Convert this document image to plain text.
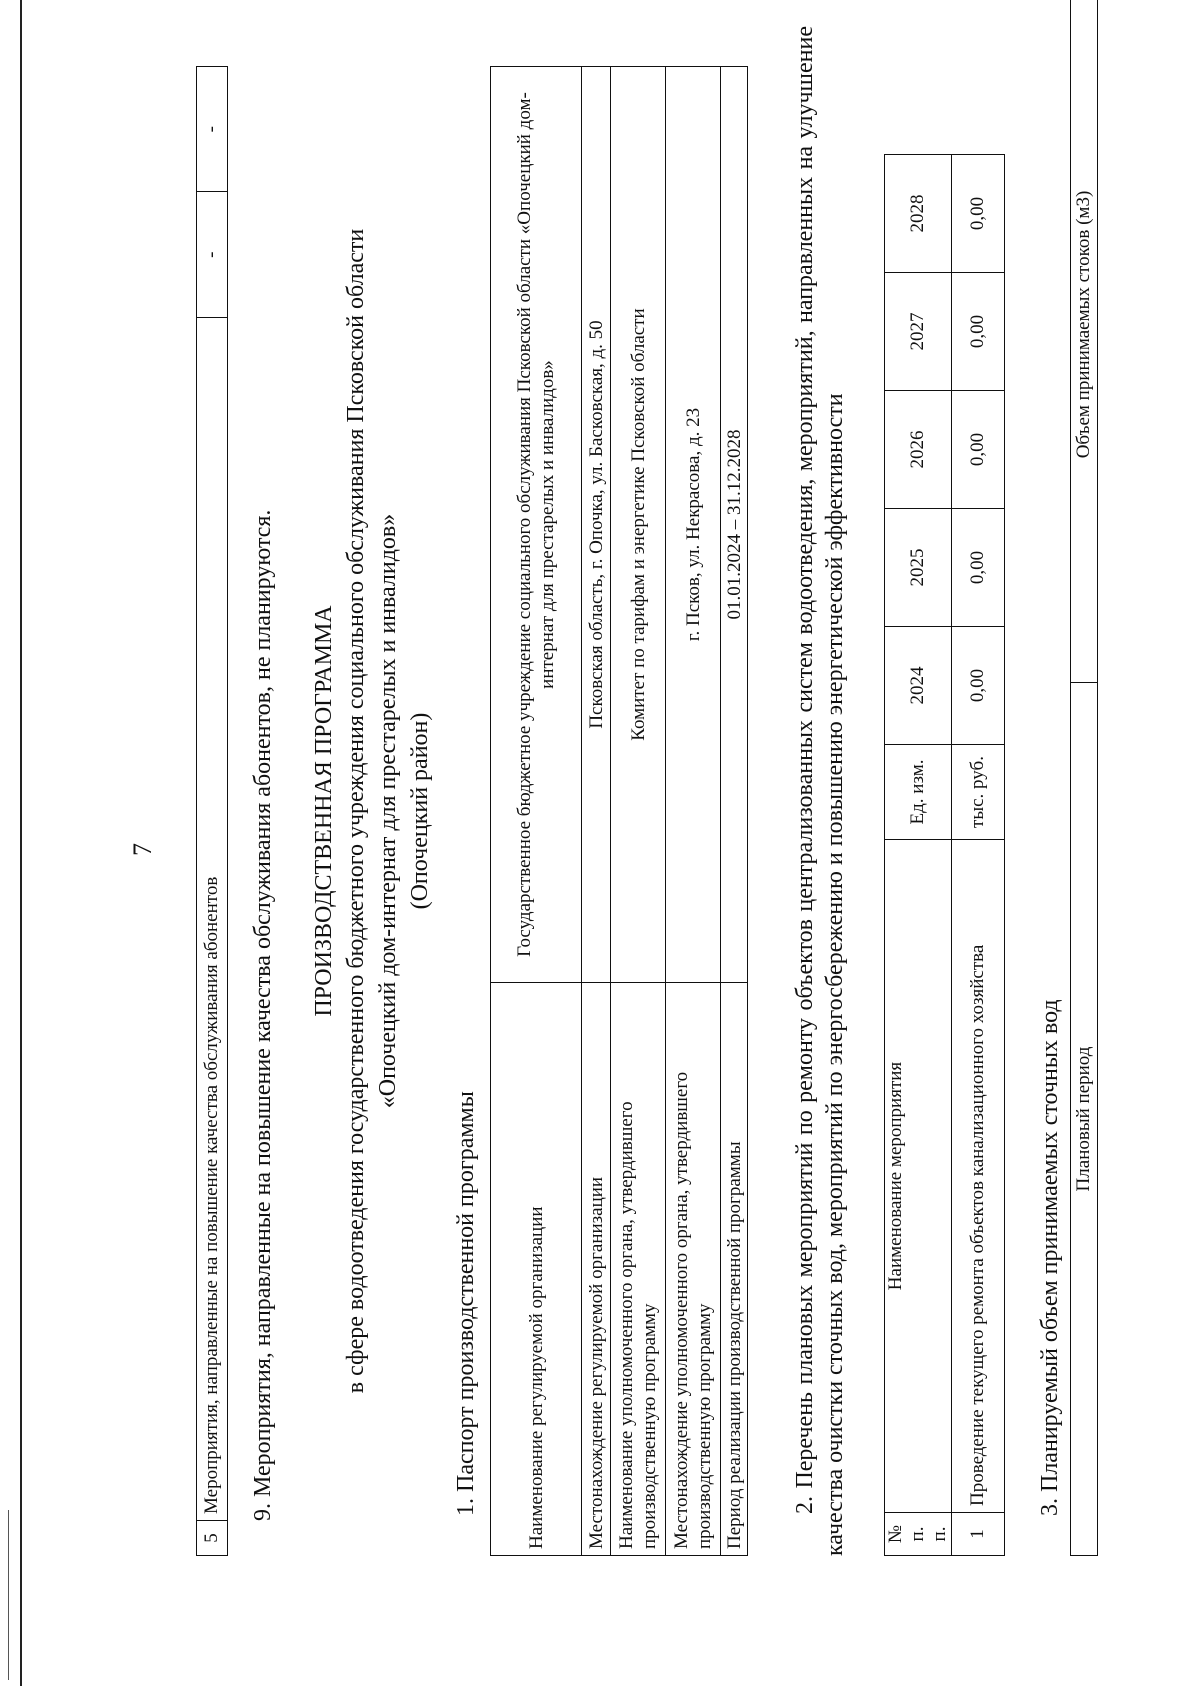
7
5	Мероприятия, направленные на повышение качества обслуживания абонентов	-	-
9. Мероприятия, направленные на повышение качества обслуживания абонентов, не планируются. ПРОИЗВОДСТВЕННАЯ ПРОГРАММА в сфере водоотведения государственного бюджетного учреждения социального обслуживания Псковской области «Опочецкий дом-интернат для престарелых и инвалидов» (Опочецкий район)
1. Паспорт производственной программы Наименование регулируемой организации	Государственное бюджетное учреждение социального обслуживания Псковской области «Опочецкий дом-интернат для престарелых и инвалидов»
Местонахождение регулируемой организации	Псковская область, г. Опочка, ул. Басковская, д. 50
Наименование уполномоченного органа, утвердившего производственную программу	Комитет по тарифам и энергетике Псковской области
Местонахождение уполномоченного органа, утвердившего производственную программу	г. Псков, ул. Некрасова, д. 23
Период реализации производственной программы	01.01.2024 – 31.12.2028 2. Перечень плановых мероприятий по ремонту объектов централизованных систем водоотведения, мероприятий, направленных на улучшение качества очистки сточных вод, мероприятий по энергосбережению и повышению энергетической эффективности № п. п.	Наименование мероприятия	Ед. изм.	2024	2025	2026	2027	2028
1	Проведение текущего ремонта объектов канализационного хозяйства	тыс. руб.	0,00	0,00	0,00	0,00	0,00
3. Планируемый объем принимаемых сточных вод Плановый период	Объем принимаемых стоков (м3)
